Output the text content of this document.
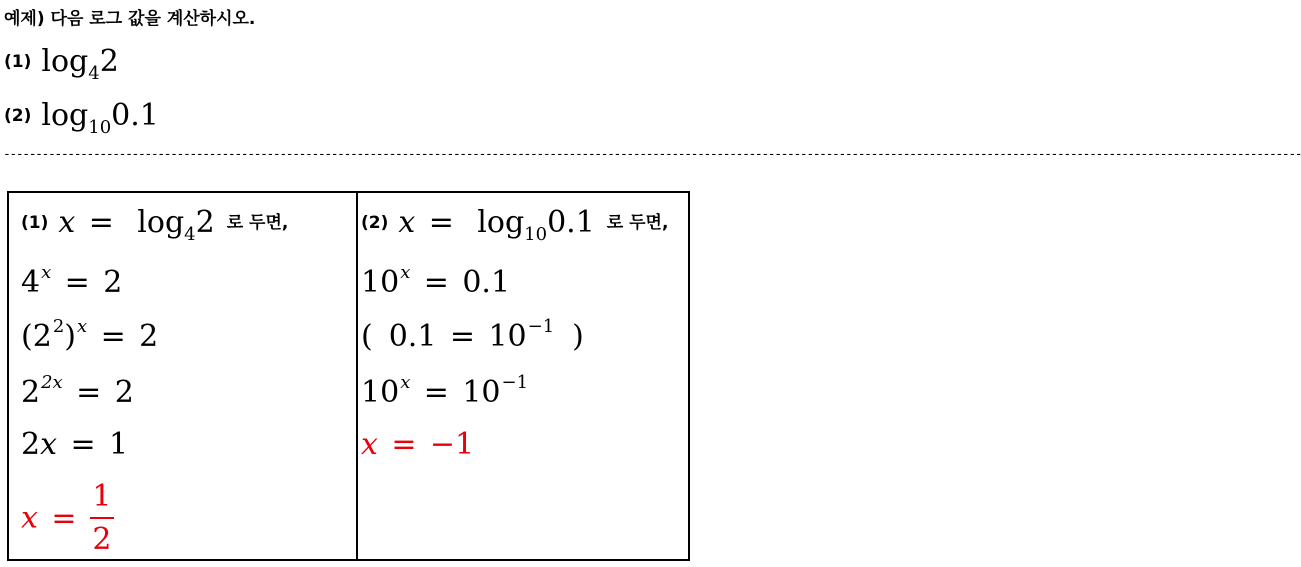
예제) 다음 로그 값을 계산하시오.
(1) $\log_42$
(2) $\log_{10}0.1$
----------------------------------------------------------------------------------------------------------------------------------------------------------------------------------------------------------
(1) $x = \log_42$ 로 두면,
$4^x = 2$
$(2^2)^x = 2$
$2^{2x} = 2$
2x = 1
$x = \frac{1}{2}$
(2) $x = \log_{10}0.1$ 로 두면,
$10^x = 0.1$
( $0.1 = 10^{-1}$ )
$10^x = 10^{-1}$
x = −1
